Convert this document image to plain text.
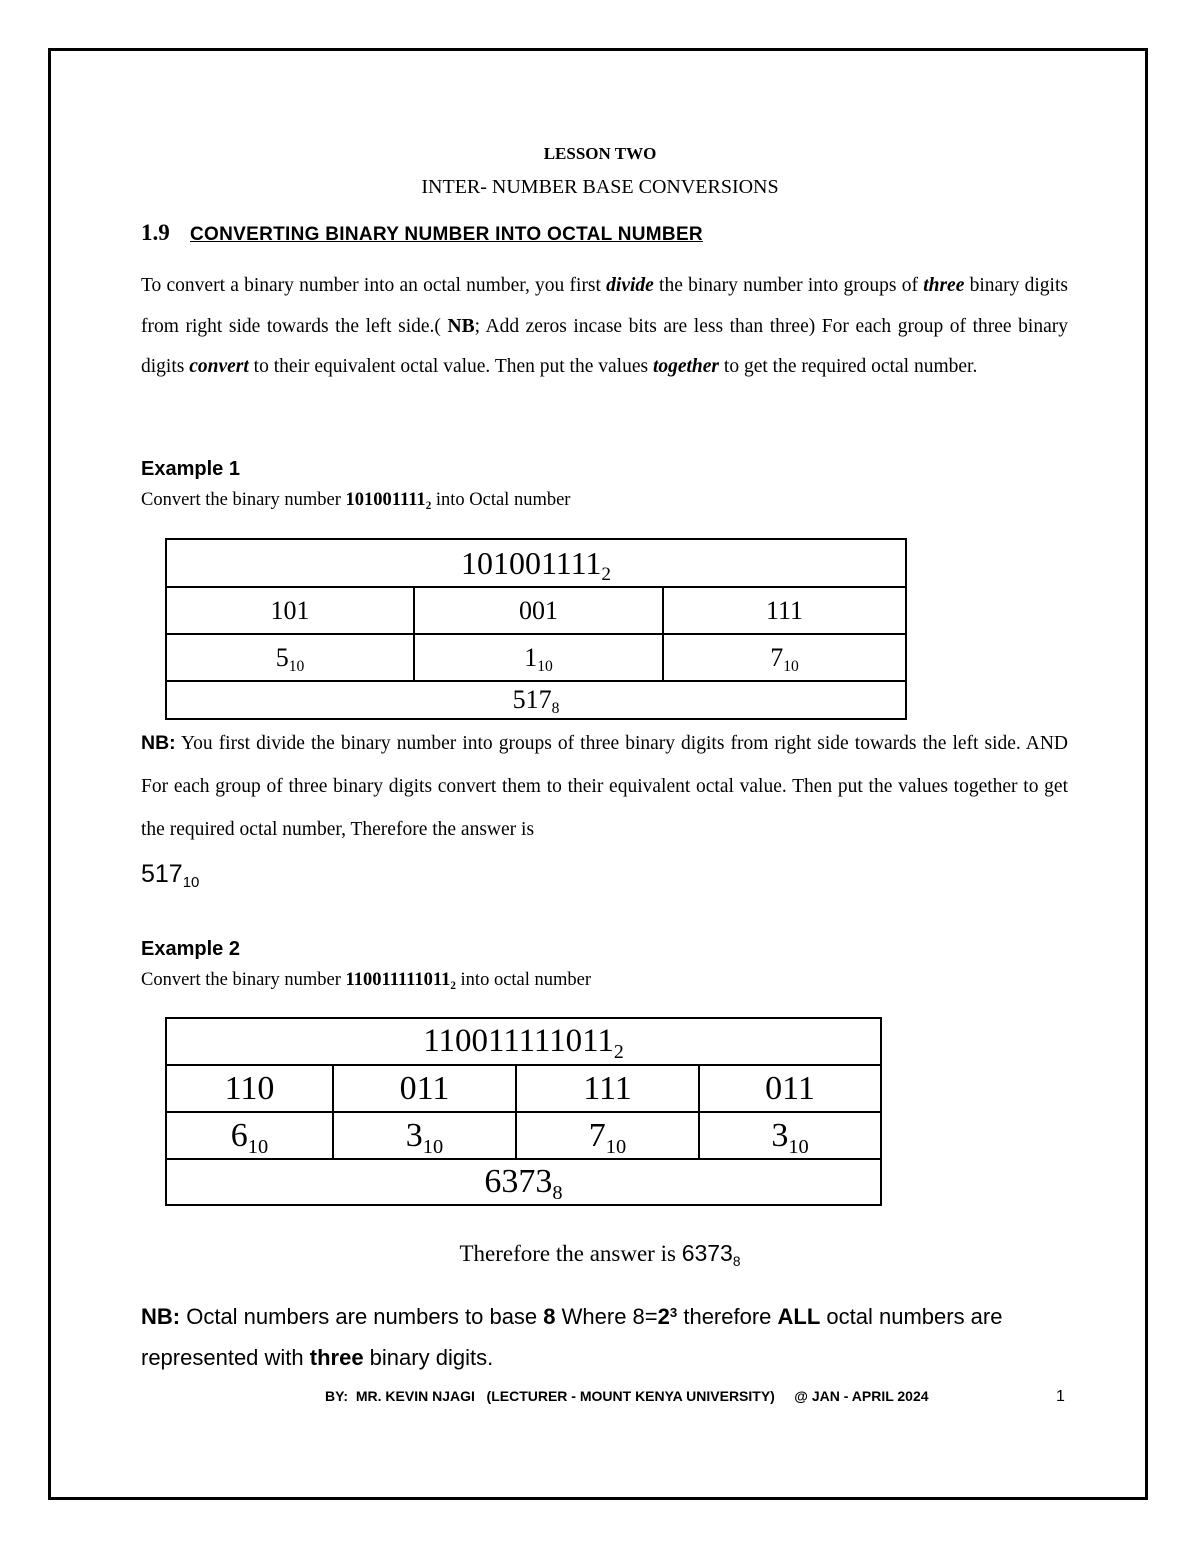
LESSON TWO
INTER- NUMBER BASE CONVERSIONS
1.9 CONVERTING BINARY NUMBER INTO OCTAL NUMBER

To convert a binary number into an octal number, you first divide the binary number into groups of three binary digits from right side towards the left side.( NB; Add zeros incase bits are less than three) For each group of three binary digits convert to their equivalent octal value. Then put the values together to get the required octal number.

Example 1
Convert the binary number $101001111_2$ into Octal number
$101001111_2$
101	001	111
$5_{10}$	$1_{10}$	$7_{10}$
$517_8$
NB: You first divide the binary number into groups of three binary digits from right side towards the left side. AND For each group of three binary digits convert them to their equivalent octal value. Then put the values together to get the required octal number, Therefore the answer is
$517_{10}$
Example 2
Convert the binary number $110011111011_2$ into octal number
$110011111011_2$
110	011	111	011
$6_{10}$	$3_{10}$	$7_{10}$	$3_{10}$
$6373_8$
Therefore the answer is $6373_8$
NB: Octal numbers are numbers to base 8 Where $8=2^3$ therefore ALL octal numbers are represented with three binary digits.
BY:  MR. KEVIN NJAGI   (LECTURER - MOUNT KENYA UNIVERSITY)     @ JAN - APRIL 2024	1
